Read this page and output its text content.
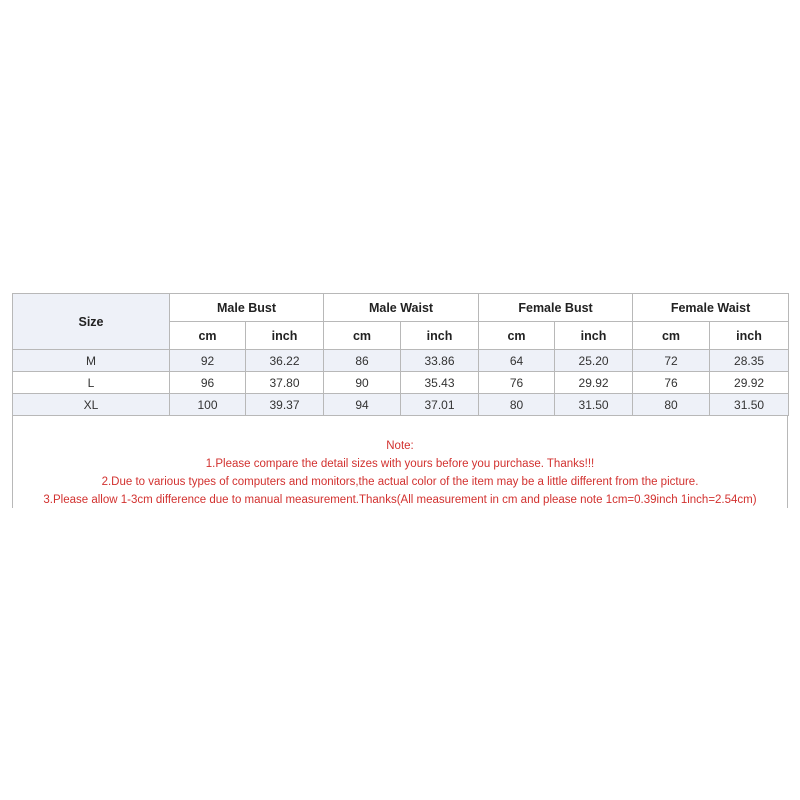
Size	Male Bust		Male Waist		Female Bust		Female Waist	
	cm	inch	cm	inch	cm	inch	cm	inch
M	92	36.22	86	33.86	64	25.20	72	28.35
L	96	37.80	90	35.43	76	29.92	76	29.92
XL	100	39.37	94	37.01	80	31.50	80	31.50
Note:
1.Please compare the detail sizes with yours before you purchase. Thanks!!!
2.Due to various types of computers and monitors,the actual color of the item may be a little different from the picture.
3.Please allow 1-3cm difference due to manual measurement.Thanks(All measurement in cm and please note 1cm=0.39inch 1inch=2.54cm)
